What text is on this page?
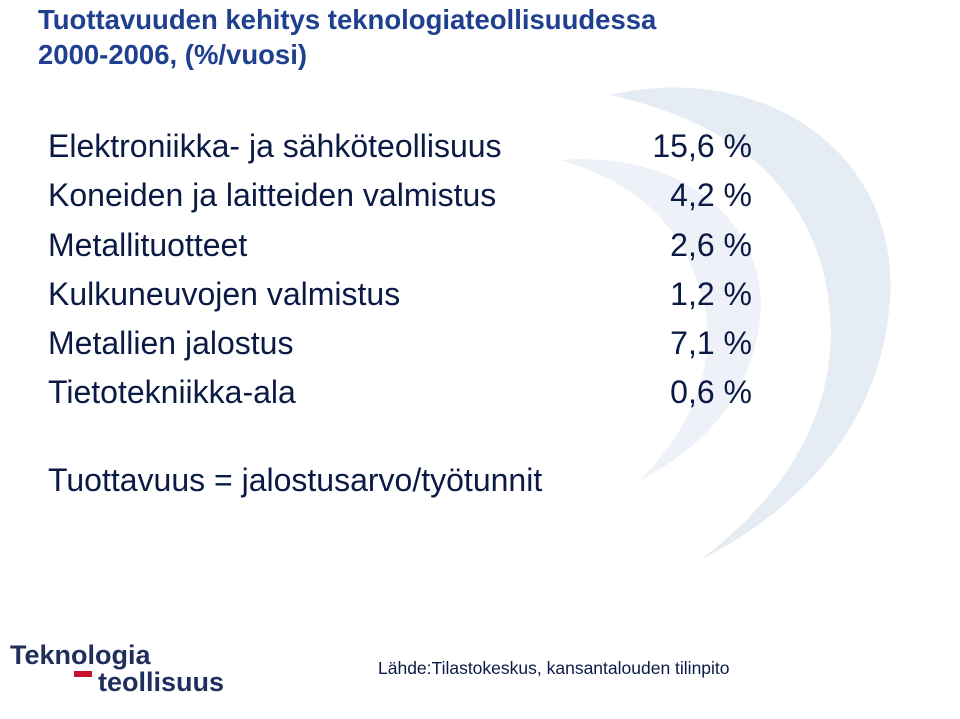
Tuottavuuden kehitys teknologiateollisuudessa
2000-2006, (%/vuosi)
Elektroniikka- ja sähköteollisuus	15,6 %
Koneiden ja laitteiden valmistus	4,2 %
Metallituotteet	2,6 %
Kulkuneuvojen valmistus	1,2 %
Metallien jalostus	7,1 %
Tietotekniikka-ala	0,6 %
Tuottavuus = jalostusarvo/työtunnit
Teknologia
teollisuus	Lähde:Tilastokeskus, kansantalouden tilinpito
